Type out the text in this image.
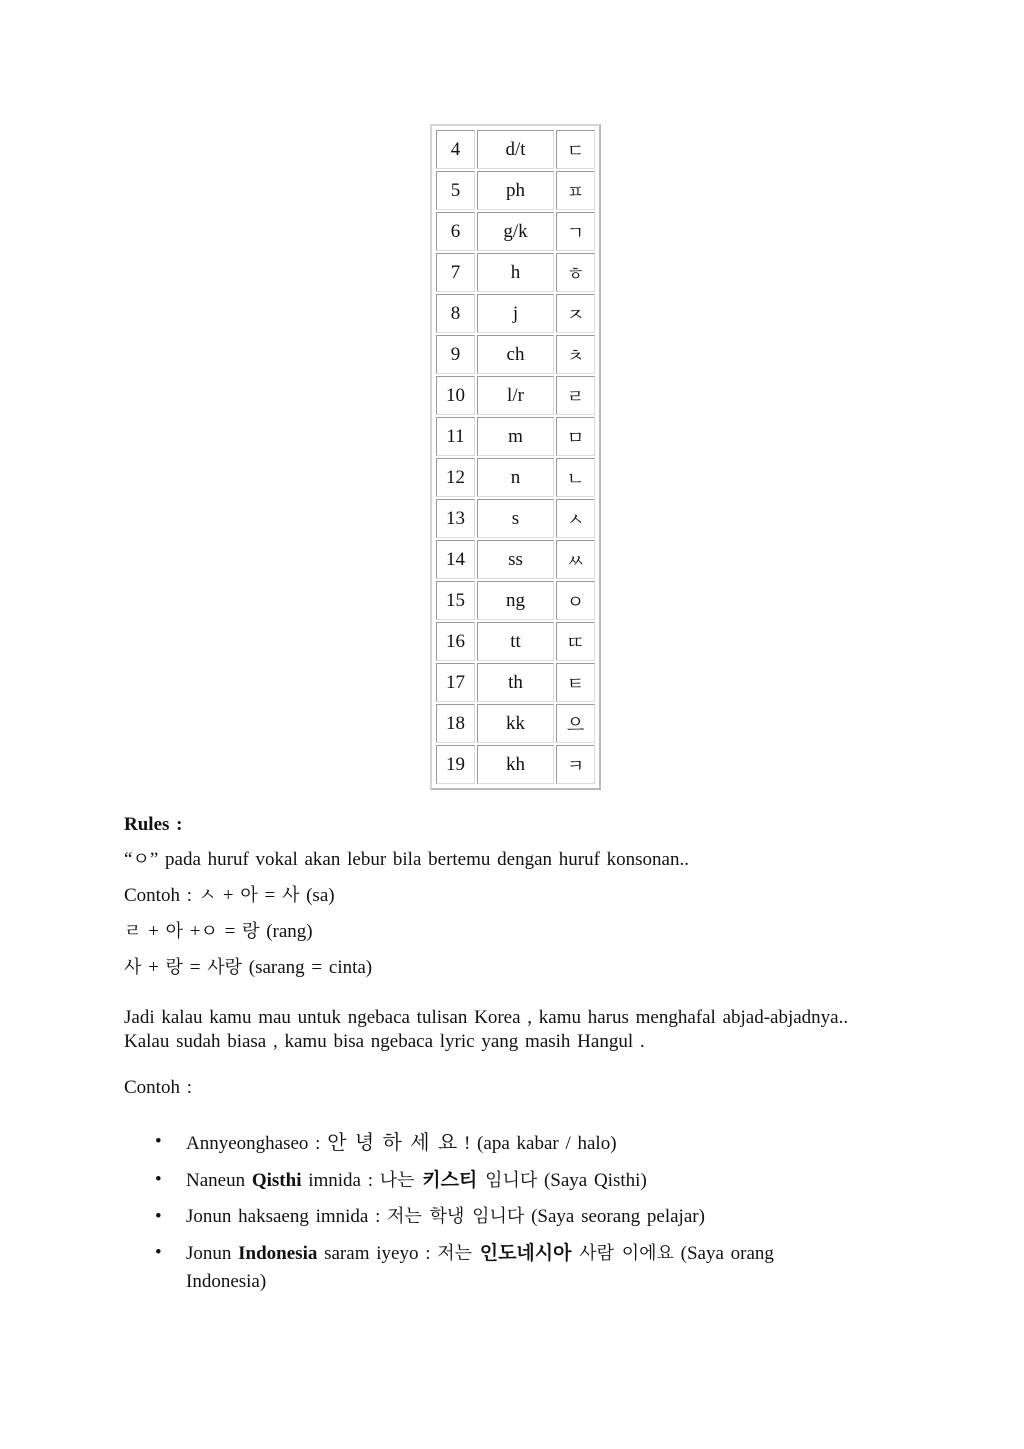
4	d/t	ㄷ
5	ph	ㅍ
6	g/k	ㄱ
7	h	ㅎ
8	j	ㅈ
9	ch	ㅊ
10	l/r	ㄹ
11	m	ㅁ
12	n	ㄴ
13	s	ㅅ
14	ss	ㅆ
15	ng	ㅇ
16	tt	ㄸ
17	th	ㅌ
18	kk	으
19	kh	ㅋ
Rules :
“ㅇ” pada huruf vokal akan lebur bila bertemu dengan huruf konsonan..
Contoh : ㅅ + 아 = 사 (sa)
ㄹ + 아 +ㅇ = 랑 (rang)
사 + 랑 = 사랑 (sarang = cinta)
Jadi kalau kamu mau untuk ngebaca tulisan Korea , kamu harus menghafal abjad-abjadnya..
Kalau sudah biasa , kamu bisa ngebaca lyric yang masih Hangul .
Contoh :
• Annyeonghaseo : 안 녕 하 세 요 ! (apa kabar / halo)
• Naneun Qisthi imnida : 나는 키스티 임니다 (Saya Qisthi)
• Jonun haksaeng imnida : 저는 학냉 임니다 (Saya seorang pelajar)
• Jonun Indonesia saram iyeyo : 저는 인도네시아 사람 이에요 (Saya orang
Indonesia)
